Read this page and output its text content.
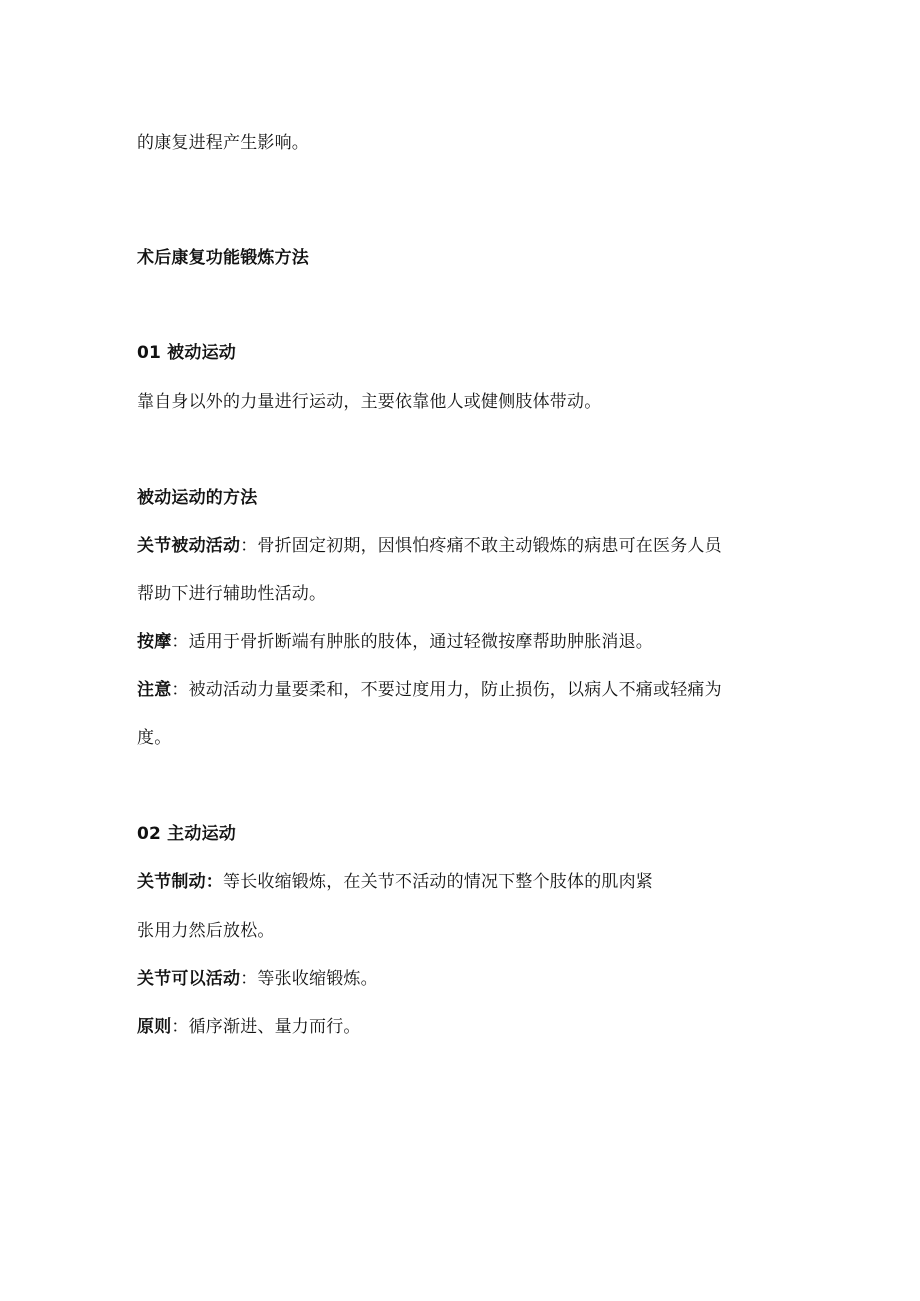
的康复进程产生影响。
术后康复功能锻炼方法
01 被动运动
靠自身以外的力量进行运动，主要依靠他人或健侧肢体带动。
被动运动的方法
关节被动活动：骨折固定初期，因惧怕疼痛不敢主动锻炼的病患可在医务人员
帮助下进行辅助性活动。
按摩：适用于骨折断端有肿胀的肢体，通过轻微按摩帮助肿胀消退。
注意：被动活动力量要柔和，不要过度用力，防止损伤，以病人不痛或轻痛为
度。
02 主动运动
关节制动：等长收缩锻炼，在关节不活动的情况下整个肢体的肌肉紧
张用力然后放松。
关节可以活动：等张收缩锻炼。
原则：循序渐进、量力而行。
